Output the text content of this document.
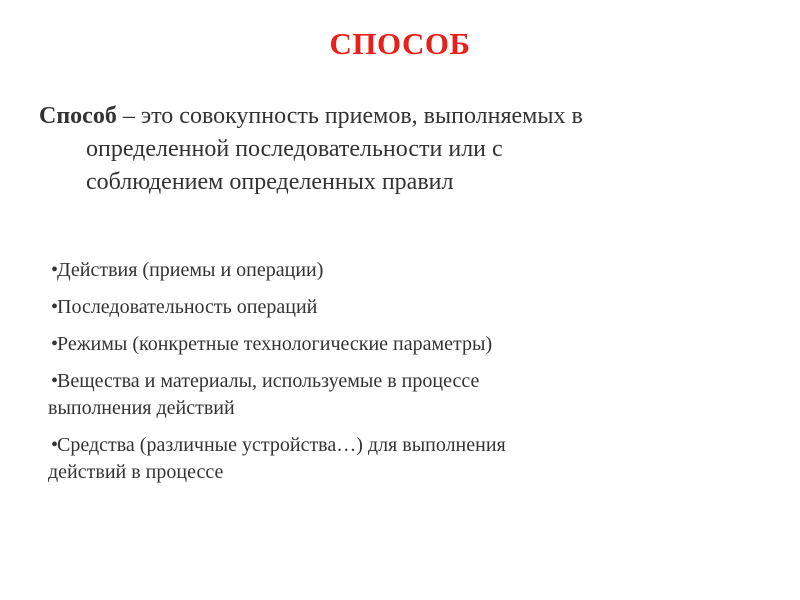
СПОСОБ
Способ – это совокупность приемов, выполняемых в
определенной последовательности или с
соблюдением определенных правил
•Действия (приемы и операции)
•Последовательность операций
•Режимы (конкретные технологические параметры)
•Вещества и материалы, используемые в процессе
выполнения действий
•Средства (различные устройства…) для выполнения
действий в процессе
